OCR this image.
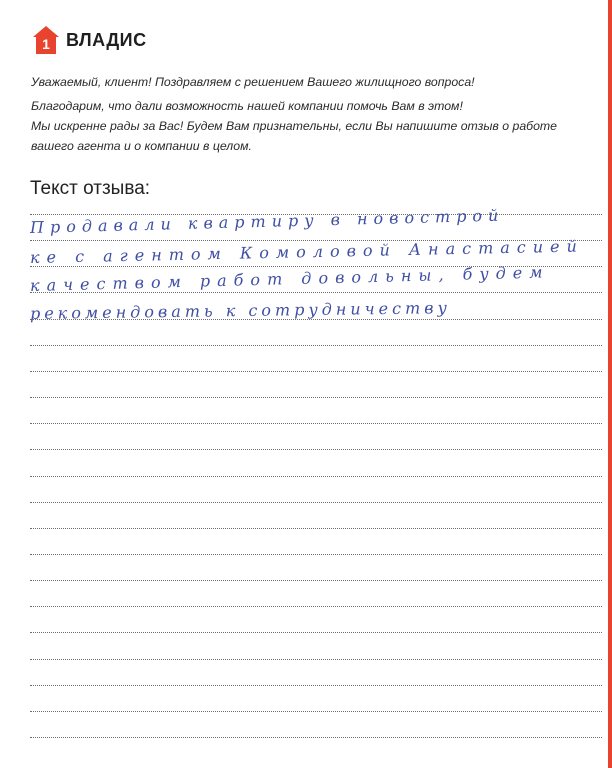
1 ВЛАДИС
Уважаемый, клиент! Поздравляем с решением Вашего жилищного вопроса!
Благодарим, что дали возможность нашей компании помочь Вам в этом!
Мы искренне рады за Вас! Будем Вам признательны, если Вы напишите отзыв о работе
вашего агента и о компании в целом.
Текст отзыва:
Продавали квартиру в новострой
ке с агентом Комоловой Анастасией
качеством работ довольны, будем
рекомендовать к сотрудничеству
